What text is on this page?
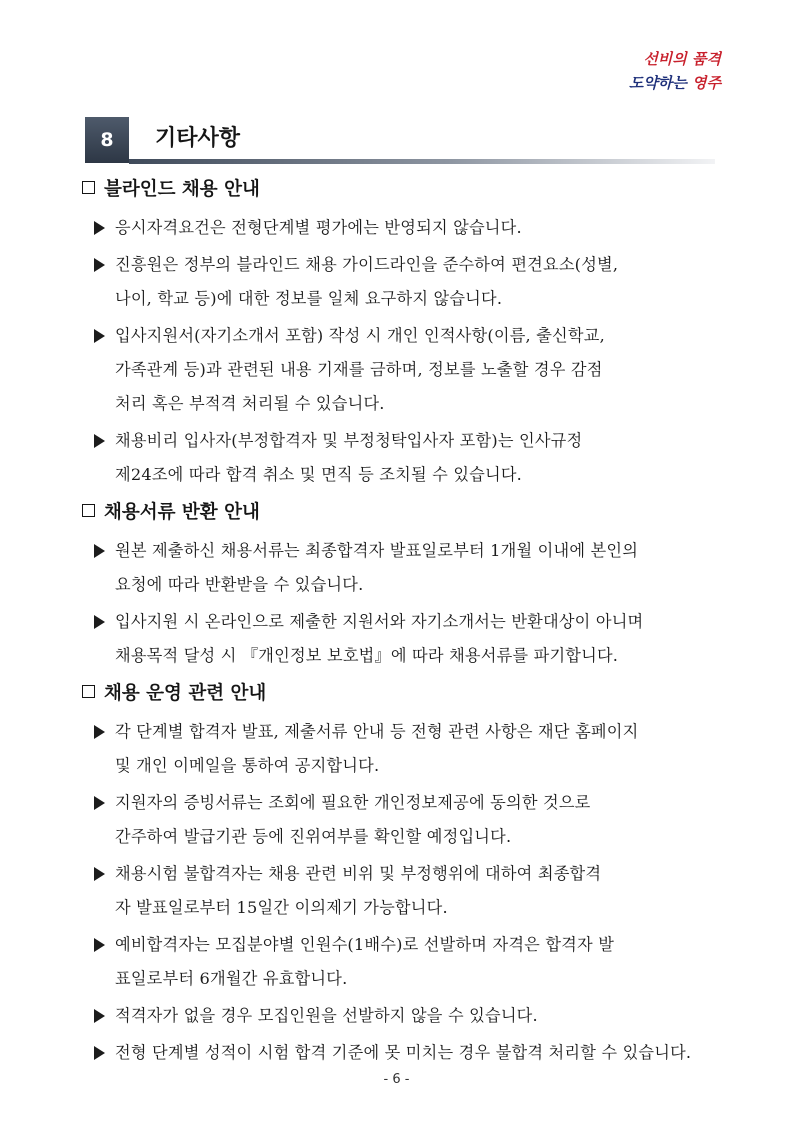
선비의 품격
도약하는 영주
8	기타사항
블라인드 채용 안내
응시자격요건은 전형단계별 평가에는 반영되지 않습니다.
진흥원은 정부의 블라인드 채용 가이드라인을 준수하여 편견요소(성별,
나이, 학교 등)에 대한 정보를 일체 요구하지 않습니다.
입사지원서(자기소개서 포함) 작성 시 개인 인적사항(이름, 출신학교,
가족관계 등)과 관련된 내용 기재를 금하며, 정보를 노출할 경우 감점
처리 혹은 부적격 처리될 수 있습니다.
채용비리 입사자(부정합격자 및 부정청탁입사자 포함)는 인사규정
제24조에 따라 합격 취소 및 면직 등 조치될 수 있습니다.
채용서류 반환 안내
원본 제출하신 채용서류는 최종합격자 발표일로부터 1개월 이내에 본인의
요청에 따라 반환받을 수 있습니다.
입사지원 시 온라인으로 제출한 지원서와 자기소개서는 반환대상이 아니며
채용목적 달성 시 『개인정보 보호법』에 따라 채용서류를 파기합니다.
채용 운영 관련 안내
각 단계별 합격자 발표, 제출서류 안내 등 전형 관련 사항은 재단 홈페이지
및 개인 이메일을 통하여 공지합니다.
지원자의 증빙서류는 조회에 필요한 개인정보제공에 동의한 것으로
간주하여 발급기관 등에 진위여부를 확인할 예정입니다.
채용시험 불합격자는 채용 관련 비위 및 부정행위에 대하여 최종합격
자 발표일로부터 15일간 이의제기 가능합니다.
예비합격자는 모집분야별 인원수(1배수)로 선발하며 자격은 합격자 발
표일로부터 6개월간 유효합니다.
적격자가 없을 경우 모집인원을 선발하지 않을 수 있습니다.
전형 단계별 성적이 시험 합격 기준에 못 미치는 경우 불합격 처리할 수 있습니다.
- 6 -
